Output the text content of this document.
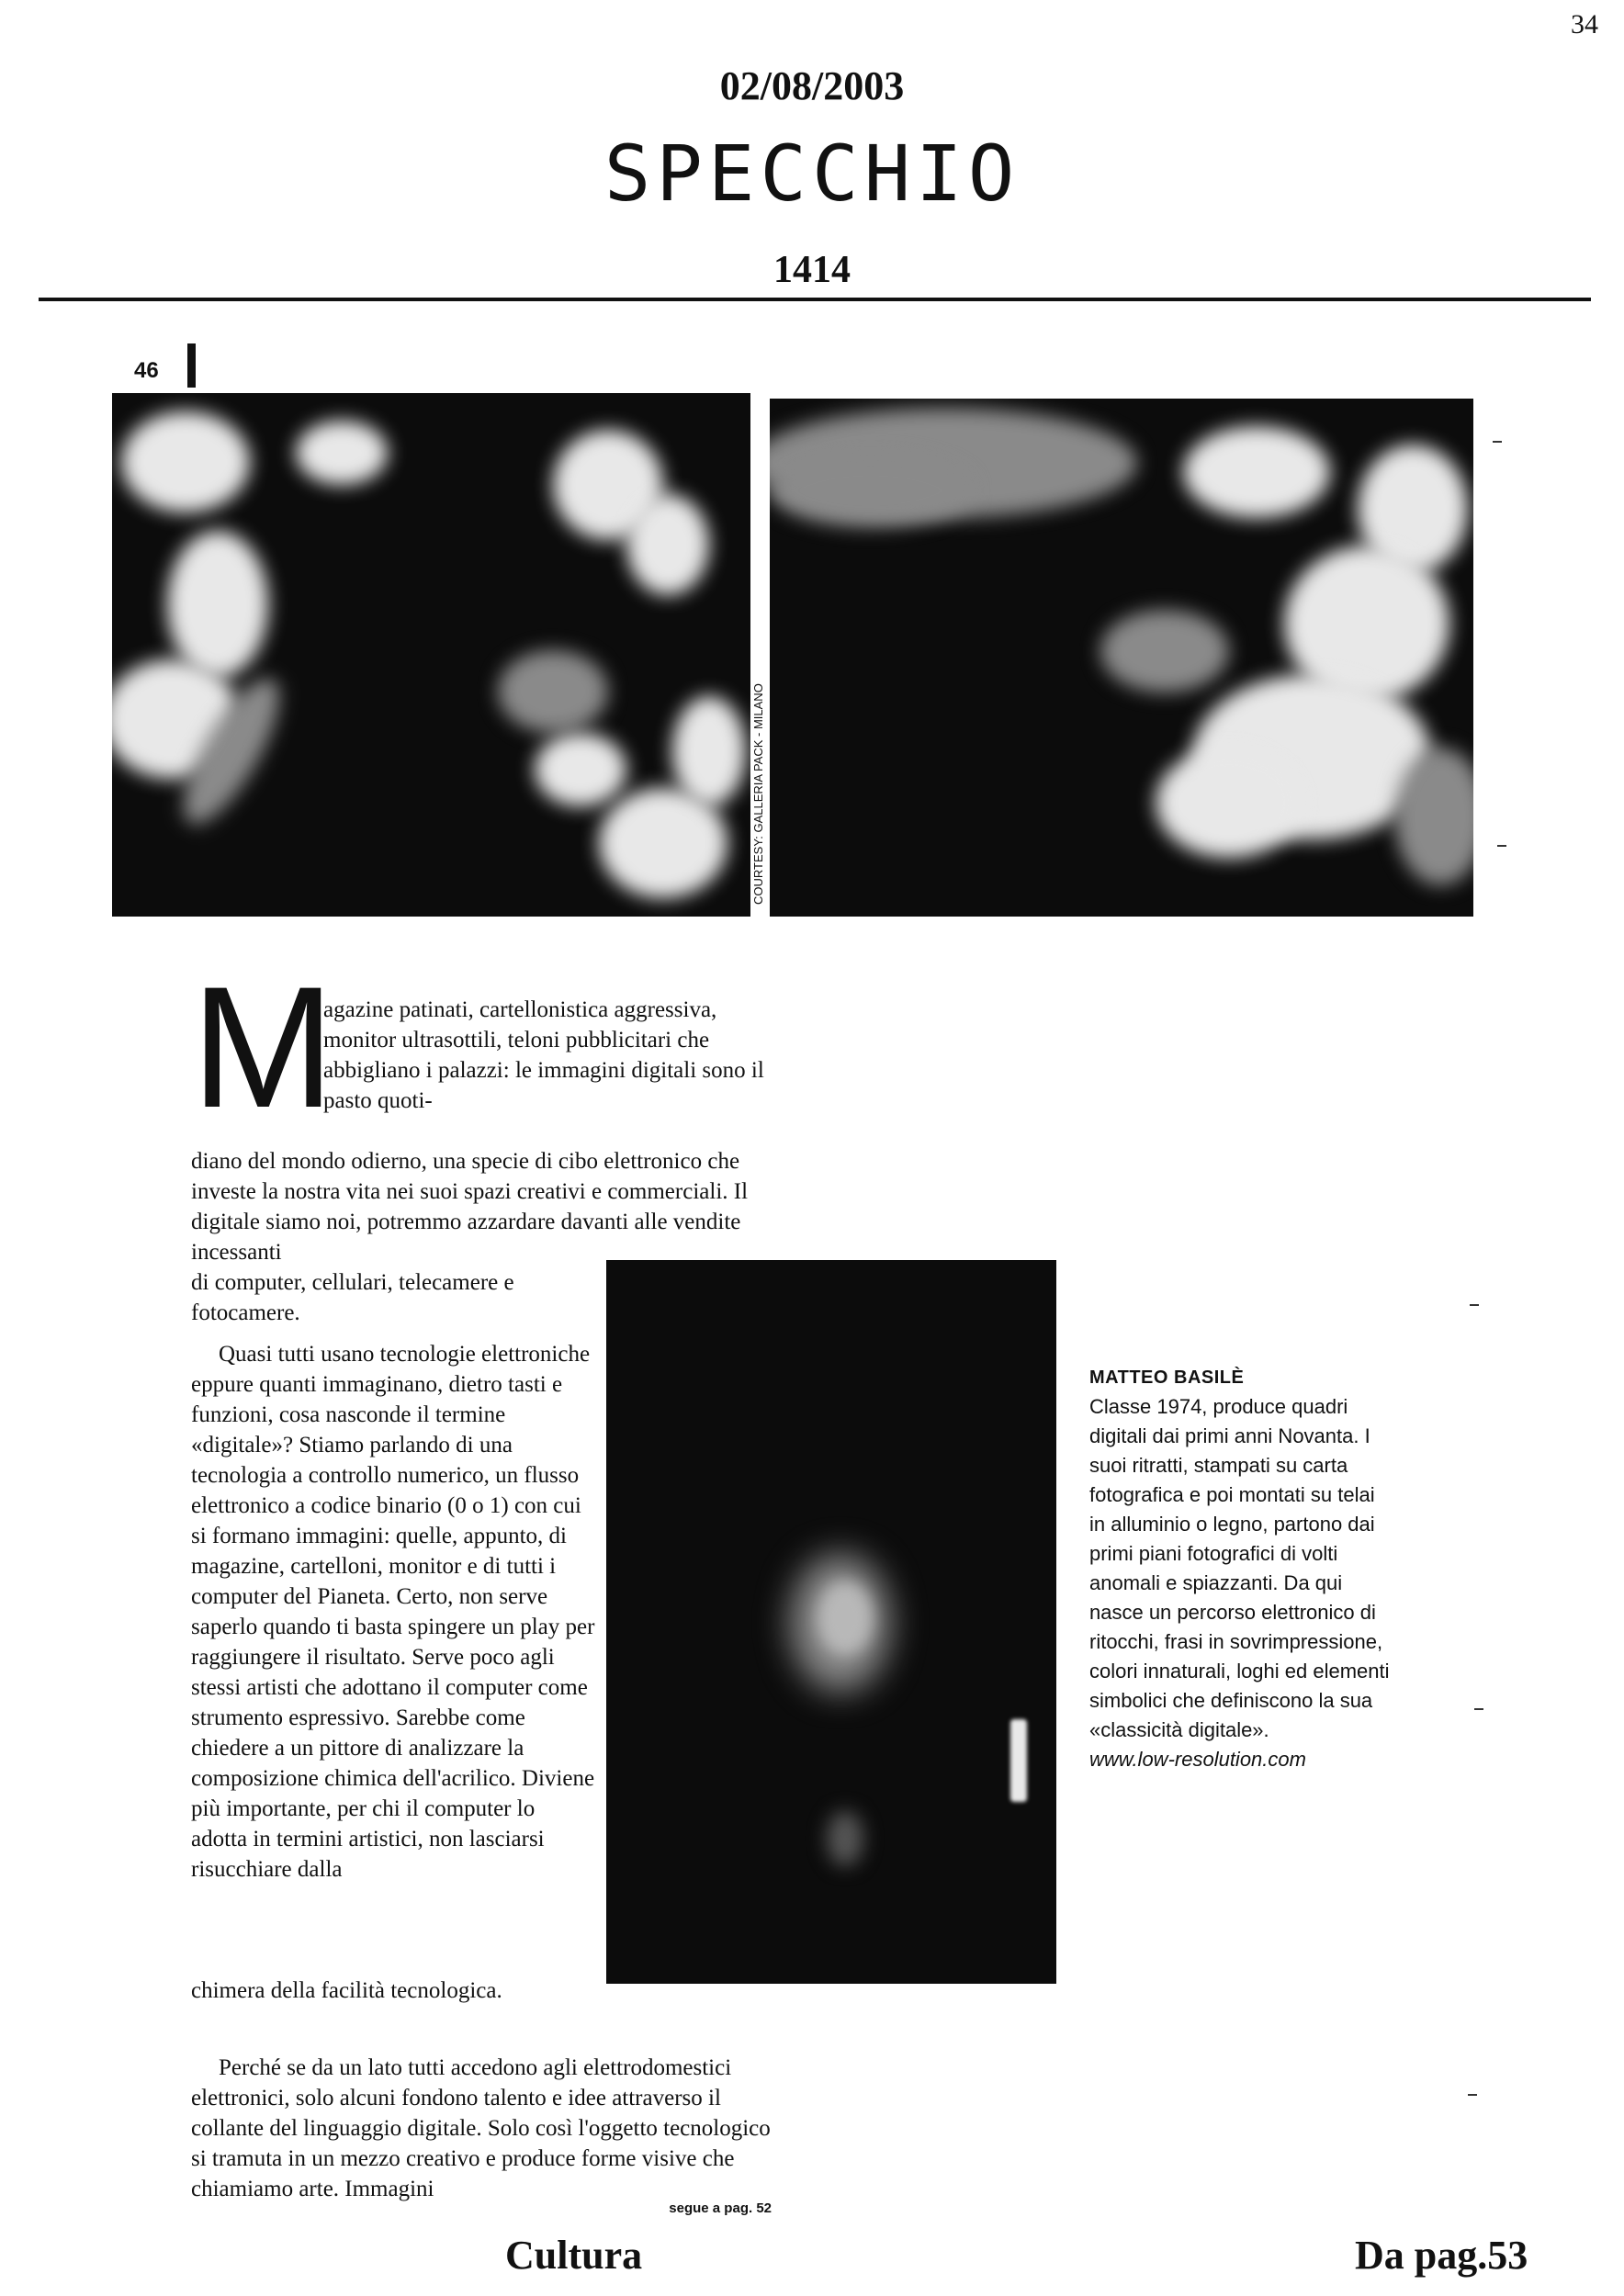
34
02/08/2003
SPECCHIO
1414
46
COURTESY: GALLERIA PACK - MILANO
M

agazine patinati, cartellonistica aggressiva, monitor ultrasottili, teloni pubblicitari che abbigliano i palazzi: le immagini digitali sono il pasto quoti-

diano del mondo odierno, una specie di cibo elettronico che investe la nostra vita nei suoi spazi creativi e commerciali. Il digitale siamo noi, potremmo azzardare davanti alle vendite incessanti

di computer, cellulari, telecamere e fotocamere.

Quasi tutti usano tecnologie elettroniche eppure quanti immaginano, dietro tasti e funzioni, cosa nasconde il termine «digitale»? Stiamo parlando di una tecnologia a controllo numerico, un flusso elettronico a codice binario (0 o 1) con cui si formano immagini: quelle, appunto, di magazine, cartelloni, monitor e di tutti i computer del Pianeta. Certo, non serve saperlo quando ti basta spingere un play per raggiungere il risultato. Serve poco agli stessi artisti che adottano il computer come strumento espressivo. Sarebbe come chiedere a un pittore di analizzare la composizione chimica dell'acrilico. Diviene più importante, per chi il computer lo adotta in termini artistici, non lasciarsi risucchiare dalla

chimera della facilità tecnologica.

Perché se da un lato tutti accedono agli elettrodomestici elettronici, solo alcuni fondono talento e idee attraverso il collante del linguaggio digitale. Solo così l'oggetto tecnologico si tramuta in un mezzo creativo e produce forme visive che chiamiamo arte. Immagini

segue a pag. 52
MATTEO BASILÈ
Classe 1974, produce quadri digitali dai primi anni Novanta. I suoi ritratti, stampati su carta fotografica e poi montati su telai in alluminio o legno, partono dai primi piani fotografici di volti anomali e spiazzanti. Da qui nasce un percorso elettronico di ritocchi, frasi in sovrimpressione, colori innaturali, loghi ed elementi simbolici che definiscono la sua «classicità digitale».
www.low-resolution.com
Cultura	Da pag.53
